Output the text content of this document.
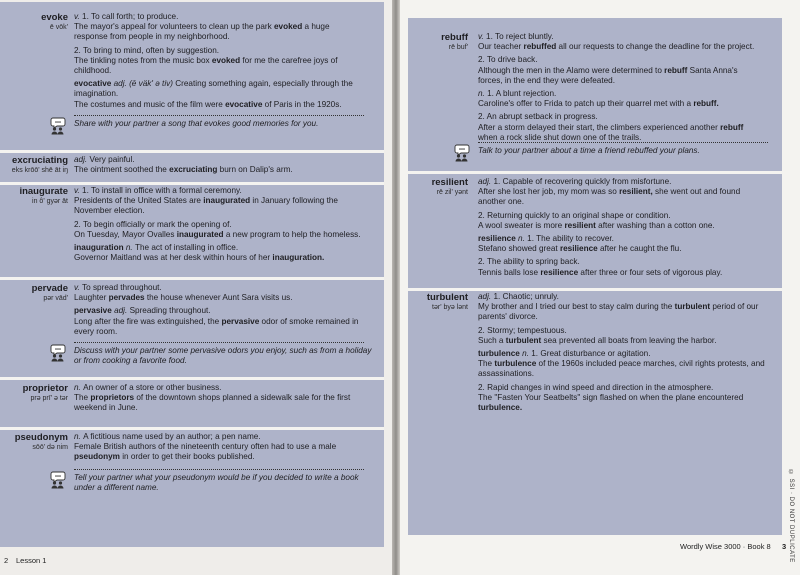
evoke
ē vōk'
v. 1. To call forth; to produce.
The mayor's appeal for volunteers to clean up the park evoked a huge
response from people in my neighborhood.
2. To bring to mind, often by suggestion.
The tinkling notes from the music box evoked for me the carefree joys of
childhood.
evocative adj. (ē väk' ə tiv) Creating something again, especially through the
imagination.
The costumes and music of the film were evocative of Paris in the 1920s.
Share with your partner a song that evokes good memories for you.
excruciating
eks krōō' shē āt iŋ
adj. Very painful.
The ointment soothed the excruciating burn on Dalip's arm.
inaugurate
in ô' gyər āt
v. 1. To install in office with a formal ceremony.
Presidents of the United States are inaugurated in January following the
November election.
2. To begin officially or mark the opening of.
On Tuesday, Mayor Ovalles inaugurated a new program to help the homeless.
inauguration n. The act of installing in office.
Governor Maitland was at her desk within hours of her inauguration.
pervade
pər vād'
v. To spread throughout.
Laughter pervades the house whenever Aunt Sara visits us.
pervasive adj. Spreading throughout.
Long after the fire was extinguished, the pervasive odor of smoke remained in
every room.
Discuss with your partner some pervasive odors you enjoy, such as from a holiday
or from cooking a favorite food.
proprietor
prə prī' ə tər
n. An owner of a store or other business.
The proprietors of the downtown shops planned a sidewalk sale for the first
weekend in June.
pseudonym
sōō' də nim
n. A fictitious name used by an author; a pen name.
Female British authors of the nineteenth century often had to use a male
pseudonym in order to get their books published.
Tell your partner what your pseudonym would be if you decided to write a book
under a different name.
2 Lesson 1
rebuff
rē buf'
v. 1. To reject bluntly.
Our teacher rebuffed all our requests to change the deadline for the project.
2. To drive back.
Although the men in the Alamo were determined to rebuff Santa Anna's
forces, in the end they were defeated.
n. 1. A blunt rejection.
Caroline's offer to Frida to patch up their quarrel met with a rebuff.
2. An abrupt setback in progress.
After a storm delayed their start, the climbers experienced another rebuff
when a rock slide shut down one of the trails.
Talk to your partner about a time a friend rebuffed your plans.
resilient
rē zil' yənt
adj. 1. Capable of recovering quickly from misfortune.
After she lost her job, my mom was so resilient, she went out and found
another one.
2. Returning quickly to an original shape or condition.
A wool sweater is more resilient after washing than a cotton one.
resilience n. 1. The ability to recover.
Stefano showed great resilience after he caught the flu.
2. The ability to spring back.
Tennis balls lose resilience after three or four sets of vigorous play.
turbulent
tər' byə lənt
adj. 1. Chaotic; unruly.
My brother and I tried our best to stay calm during the turbulent period of our
parents' divorce.
2. Stormy; tempestuous.
Such a turbulent sea prevented all boats from leaving the harbor.
turbulence n. 1. Great disturbance or agitation.
The turbulence of the 1960s included peace marches, civil rights protests, and
assassinations.
2. Rapid changes in wind speed and direction in the atmosphere.
The "Fasten Your Seatbelts" sign flashed on when the plane encountered
turbulence.
Wordly Wise 3000 · Book 8 3 © SSI · DO NOT DUPLICATE
